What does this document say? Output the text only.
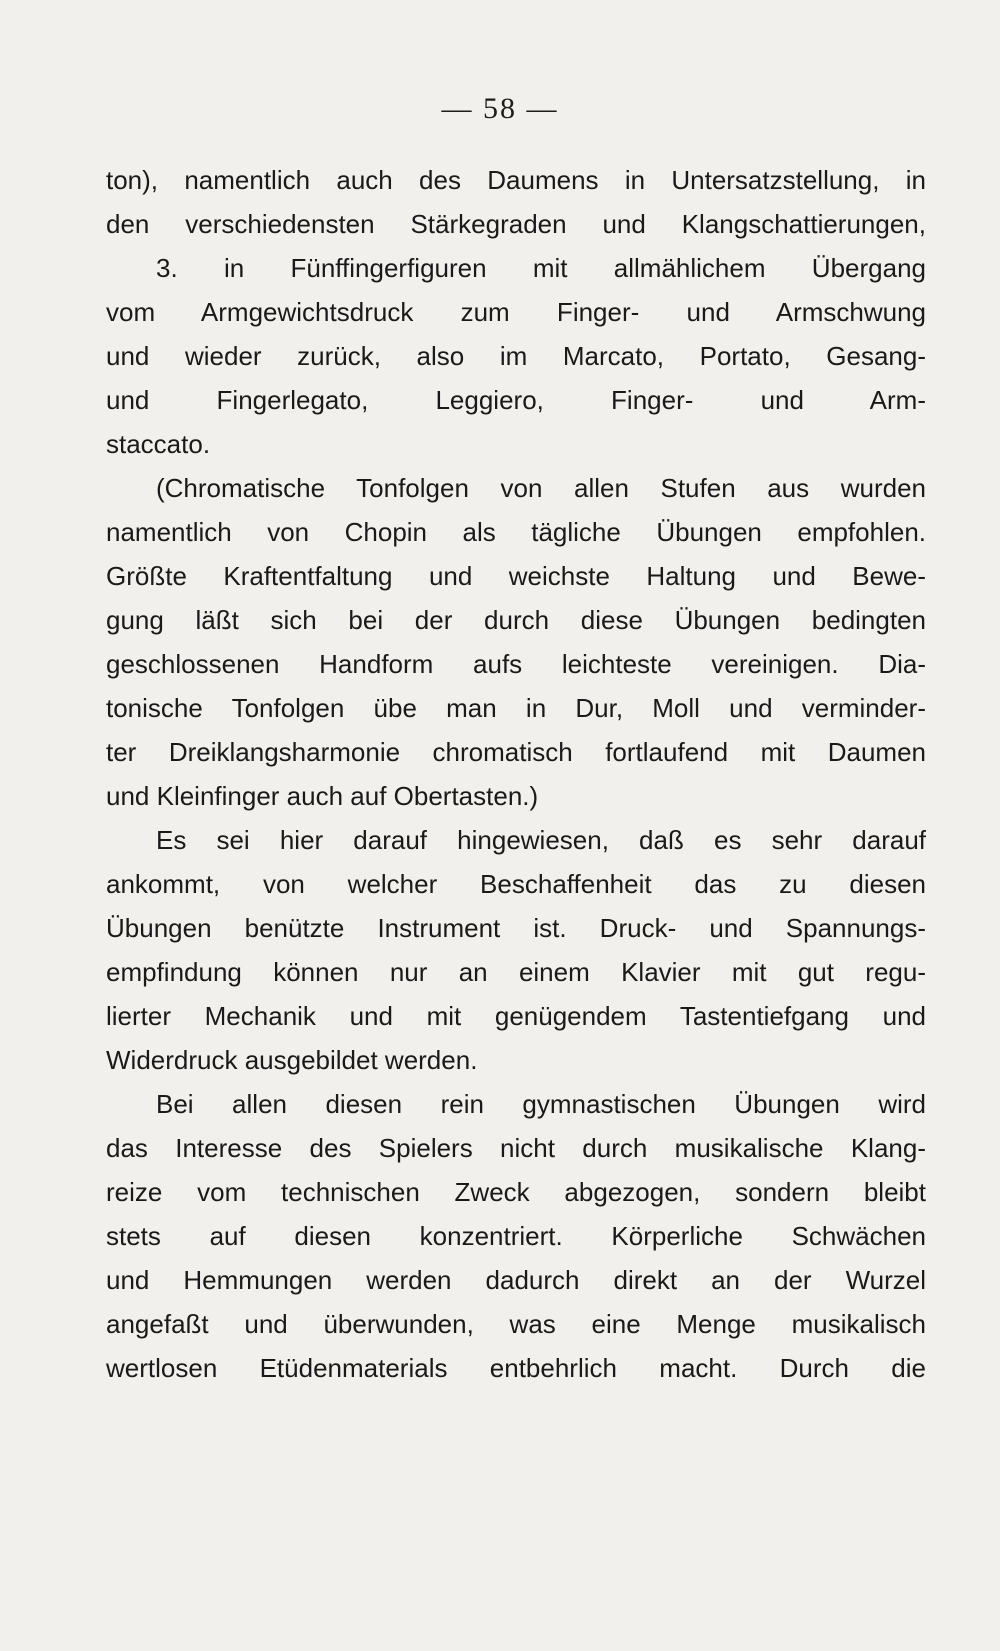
— 58 —
ton), namentlich auch des Daumens in Untersatzstellung, in
den verschiedensten Stärkegraden und Klangschattierungen,
3. in Fünffingerfiguren mit allmählichem Übergang
vom Armgewichtsdruck zum Finger- und Armschwung
und wieder zurück, also im Marcato, Portato, Gesang-
und Fingerlegato, Leggiero, Finger- und Arm-
staccato.
(Chromatische Tonfolgen von allen Stufen aus wurden
namentlich von Chopin als tägliche Übungen empfohlen.
Größte Kraftentfaltung und weichste Haltung und Bewe-
gung läßt sich bei der durch diese Übungen bedingten
geschlossenen Handform aufs leichteste vereinigen. Dia-
tonische Tonfolgen übe man in Dur, Moll und verminder-
ter Dreiklangsharmonie chromatisch fortlaufend mit Daumen
und Kleinfinger auch auf Obertasten.)
Es sei hier darauf hingewiesen, daß es sehr darauf
ankommt, von welcher Beschaffenheit das zu diesen
Übungen benützte Instrument ist. Druck- und Spannungs-
empfindung können nur an einem Klavier mit gut regu-
lierter Mechanik und mit genügendem Tastentiefgang und
Widerdruck ausgebildet werden.
Bei allen diesen rein gymnastischen Übungen wird
das Interesse des Spielers nicht durch musikalische Klang-
reize vom technischen Zweck abgezogen, sondern bleibt
stets auf diesen konzentriert. Körperliche Schwächen
und Hemmungen werden dadurch direkt an der Wurzel
angefaßt und überwunden, was eine Menge musikalisch
wertlosen Etüdenmaterials entbehrlich macht. Durch die
